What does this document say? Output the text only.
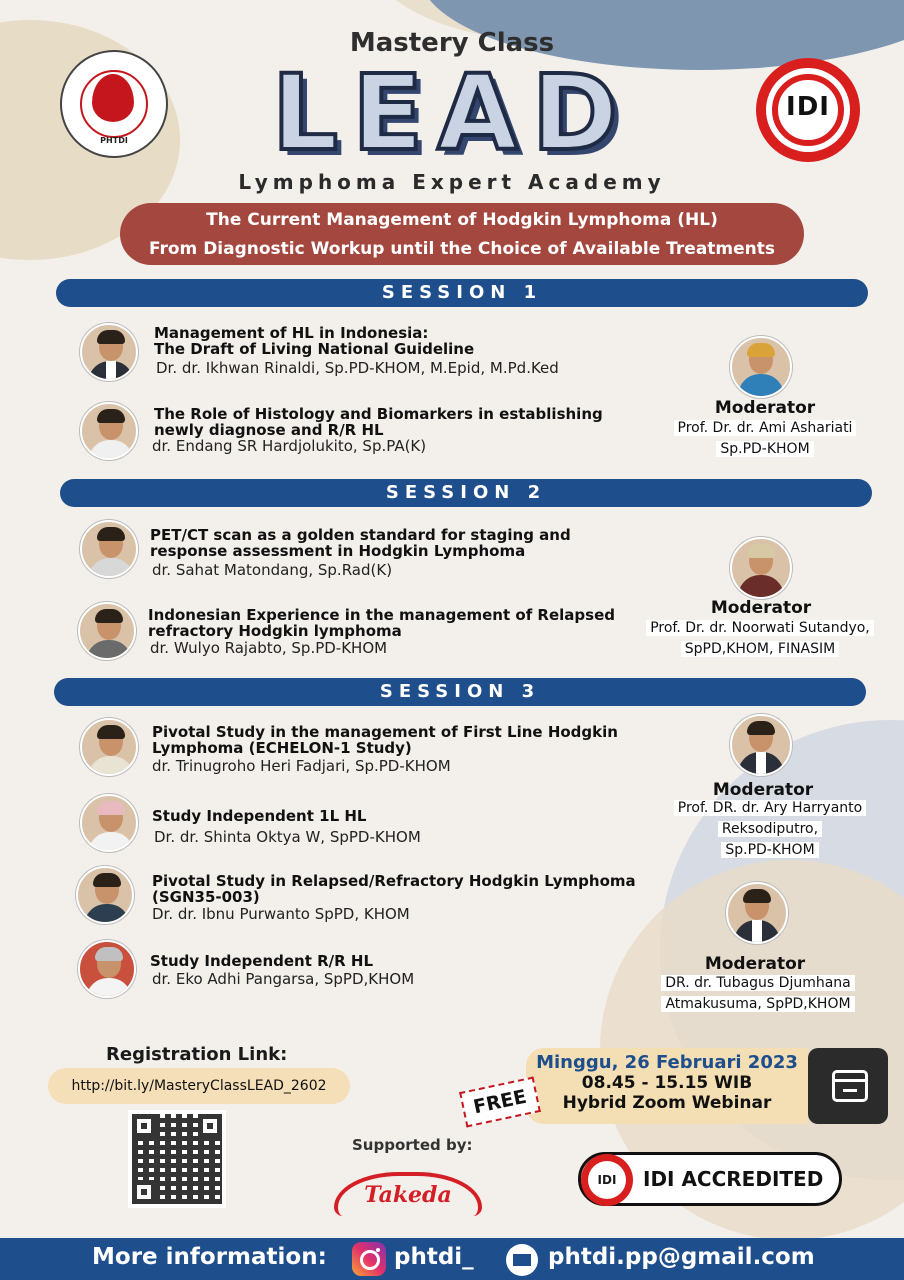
PHTDI
Mastery Class
LEAD
Lymphoma Expert Academy
IDI
The Current Management of Hodgkin Lymphoma (HL)
From Diagnostic Workup until the Choice of Available Treatments
SESSION 1
Management of HL in Indonesia:
The Draft of Living National Guideline
Dr. dr. Ikhwan Rinaldi, Sp.PD-KHOM, M.Epid, M.Pd.Ked
The Role of Histology and Biomarkers in establishing
newly diagnose and R/R HL
dr. Endang SR Hardjolukito, Sp.PA(K)
Moderator
Prof. Dr. dr. Ami Ashariati
Sp.PD-KHOM
SESSION 2
PET/CT scan as a golden standard for staging and
response assessment in Hodgkin Lymphoma
dr. Sahat Matondang, Sp.Rad(K)
Indonesian Experience in the management of Relapsed
refractory Hodgkin lymphoma
dr. Wulyo Rajabto, Sp.PD-KHOM
Moderator
Prof. Dr. dr. Noorwati Sutandyo,
SpPD,KHOM, FINASIM
SESSION 3
Pivotal Study in the management of First Line Hodgkin
Lymphoma (ECHELON-1 Study)
dr. Trinugroho Heri Fadjari, Sp.PD-KHOM
Study Independent 1L HL
Dr. dr. Shinta Oktya W, SpPD-KHOM
Pivotal Study in Relapsed/Refractory Hodgkin Lymphoma
(SGN35-003)
Dr. dr. Ibnu Purwanto SpPD, KHOM
Study Independent R/R HL
dr. Eko Adhi Pangarsa, SpPD,KHOM
Moderator
Prof. DR. dr. Ary Harryanto
Reksodiputro,
Sp.PD-KHOM
Moderator
DR. dr. Tubagus Djumhana
Atmakusuma, SpPD,KHOM
Registration Link:
http://bit.ly/MasteryClassLEAD_2602
Supported by:
Takeda
Minggu, 26 Februari 2023
08.45 - 15.15 WIB
Hybrid Zoom Webinar
FREE
IDI	IDI ACCREDITED
More information:	phtdi_	phtdi.pp@gmail.com
